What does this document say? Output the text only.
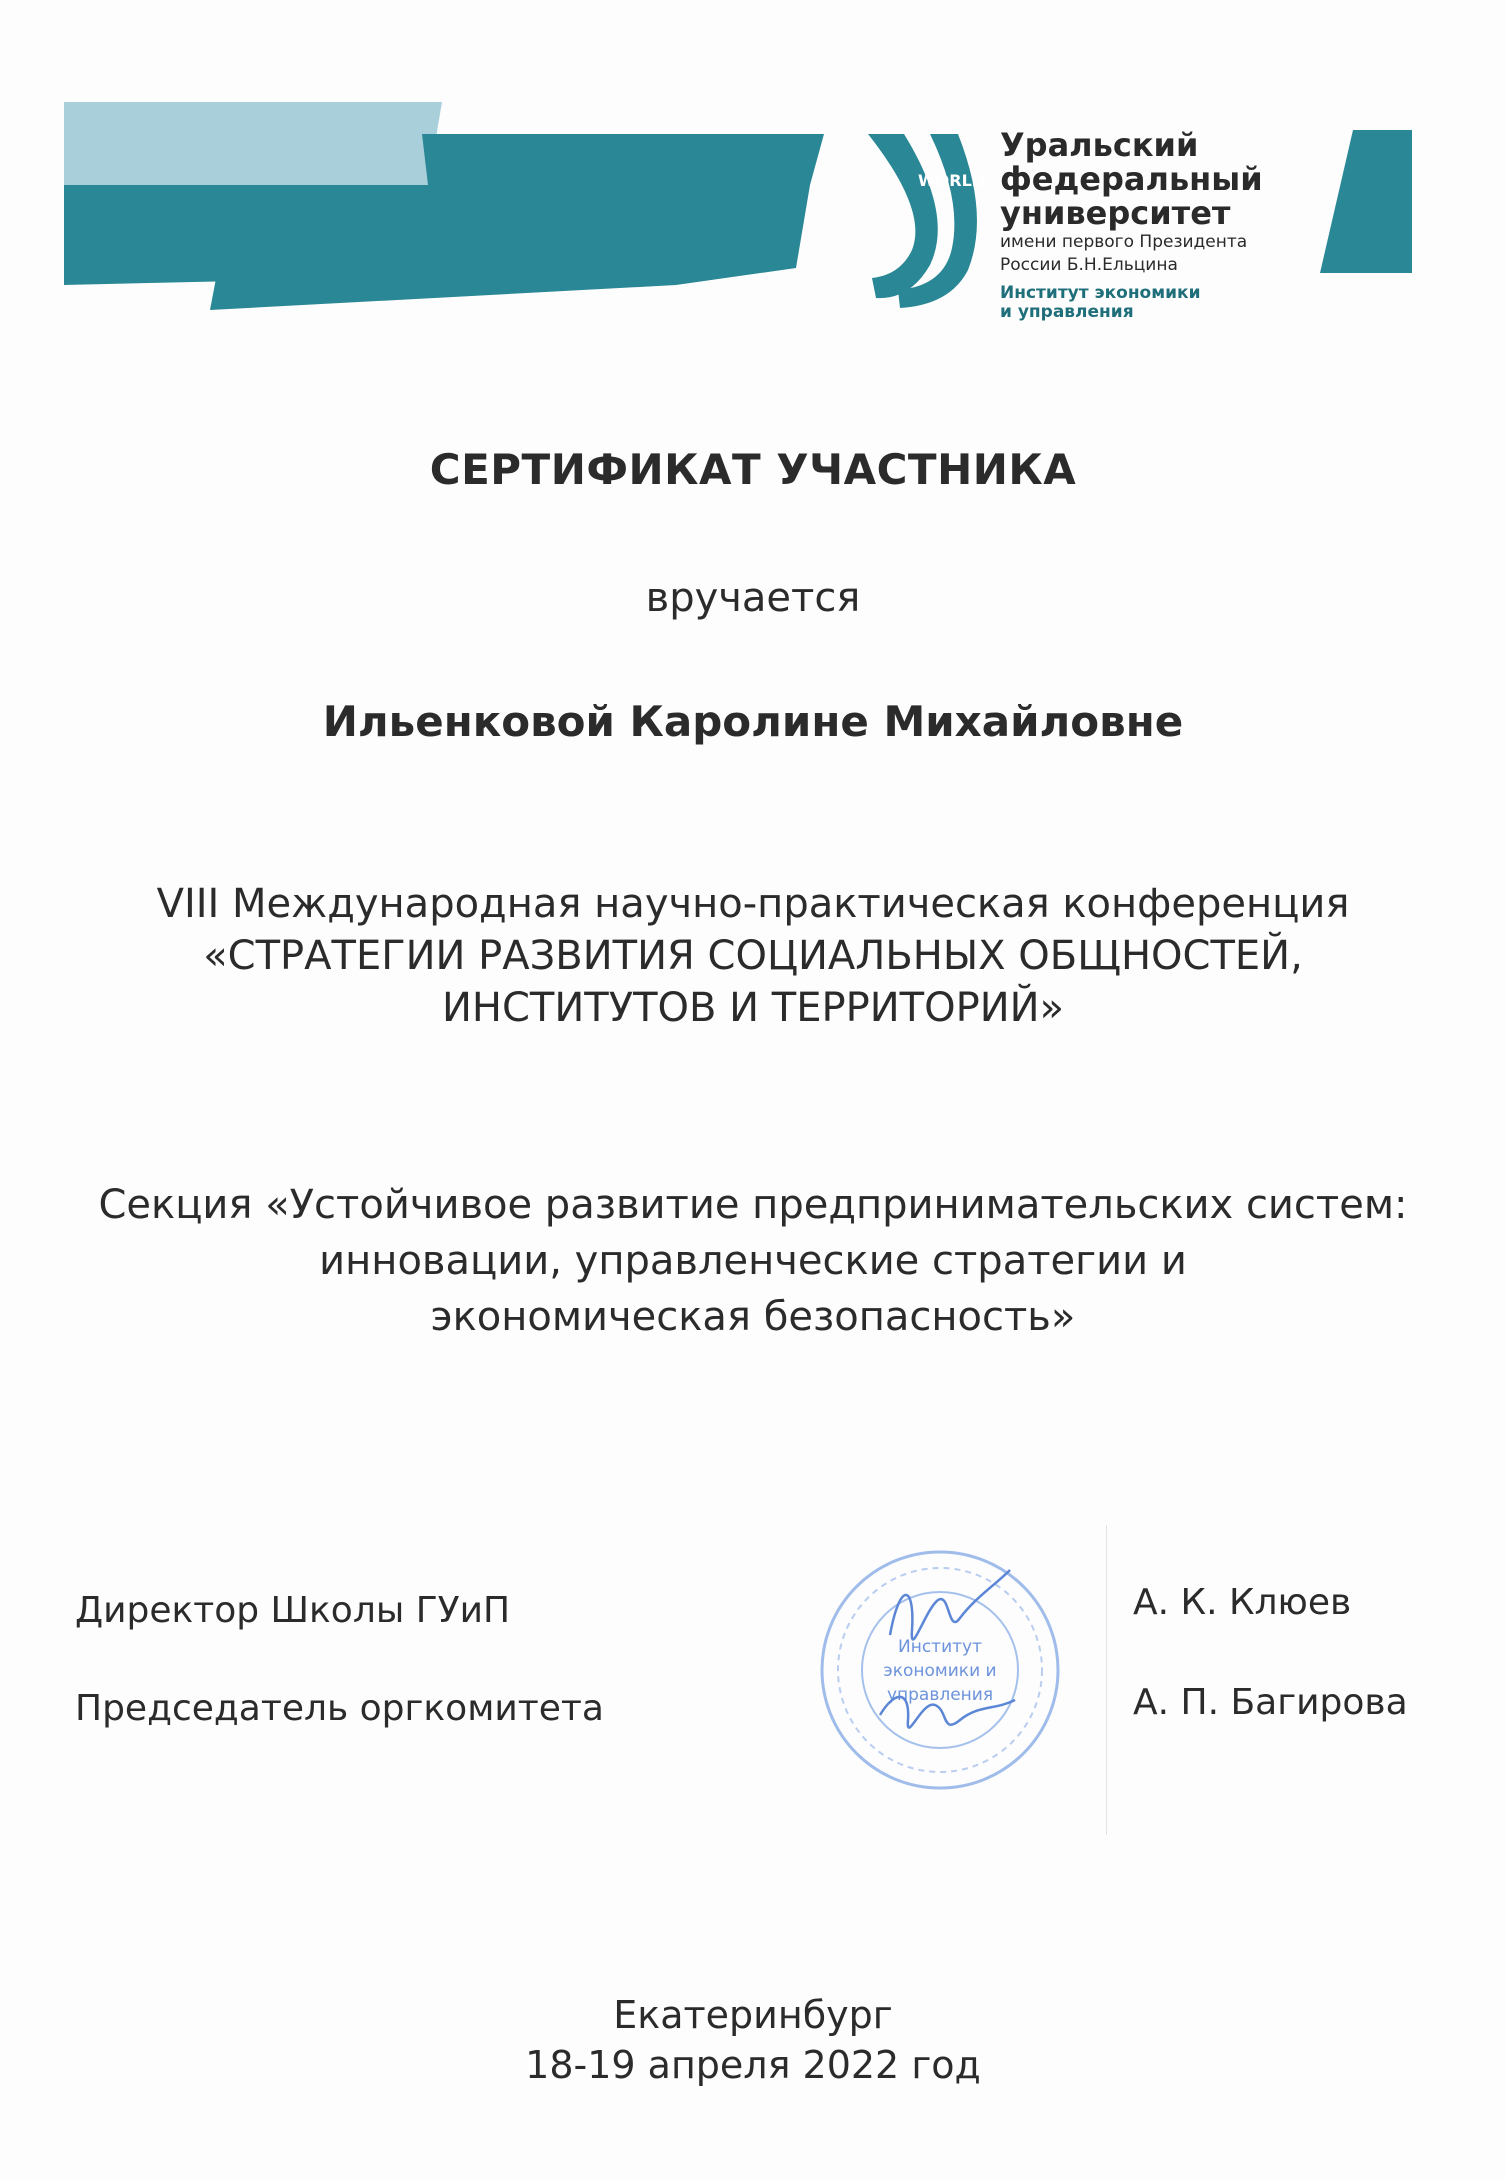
МИР
WORLD
Уральский
федеральный
университет
имени первого Президента
России Б.Н.Ельцина
Институт экономики
и управления
СЕРТИФИКАТ УЧАСТНИКА
вручается
Ильенковой Каролине Михайловне
VIII Международная научно-практическая конференция
«СТРАТЕГИИ РАЗВИТИЯ СОЦИАЛЬНЫХ ОБЩНОСТЕЙ,
ИНСТИТУТОВ И ТЕРРИТОРИЙ»
Секция «Устойчивое развитие предпринимательских систем:
инновации, управленческие стратегии и
экономическая безопасность»
Директор Школы ГУиП
Председатель оргкомитета
А. К. Клюев
А. П. Багирова
Институт
экономики и
управления
Екатеринбург
18-19 апреля 2022 год
